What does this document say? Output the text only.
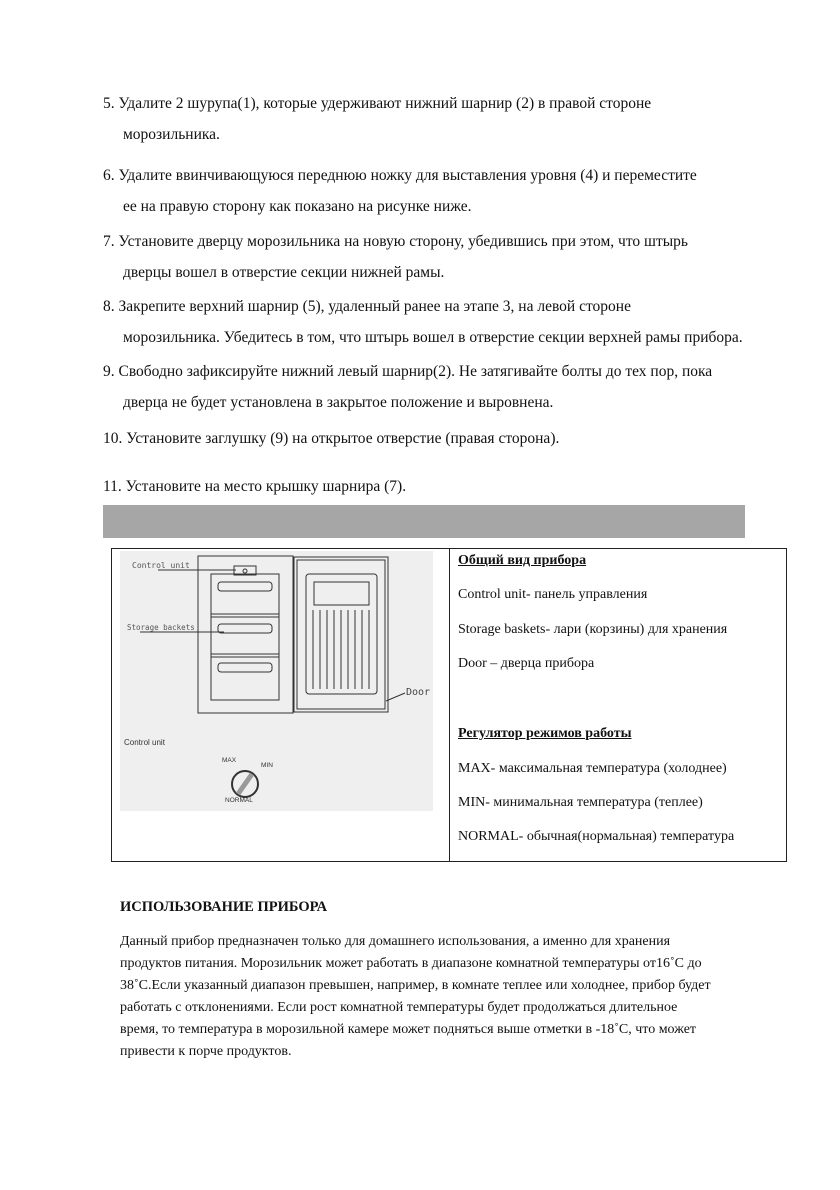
5. Удалите 2 шурупа(1), которые удерживают нижний шарнир (2) в правой стороне
морозильника.
6. Удалите ввинчивающуюся переднюю ножку для выставления уровня (4) и переместите
ее на правую сторону как показано на рисунке ниже.
7. Установите дверцу морозильника на новую сторону, убедившись при этом, что штырь
дверцы вошел в отверстие секции нижней рамы.
8. Закрепите верхний шарнир (5), удаленный ранее на этапе 3, на левой стороне
морозильника. Убедитесь в том, что штырь вошел в отверстие секции верхней рамы прибора.
9. Свободно зафиксируйте нижний левый шарнир(2). Не затягивайте болты до тех пор, пока
дверца не будет установлена в закрытое положение и выровнена.
10. Установите заглушку (9) на открытое отверстие (правая сторона).
11. Установите на место крышку шарнира (7).
Control unit
Storage backets
Door
Control unit
MAX
MIN
NORMAL
Общий вид прибора
Control unit- панель управления
Storage baskets- лари (корзины) для хранения
Door – дверца прибора
Регулятор режимов работы
MAX- максимальная температура (холоднее)
MIN- минимальная температура (теплее)
NORMAL- обычная(нормальная) температура
ИСПОЛЬЗОВАНИЕ ПРИБОРА
Данный прибор предназначен только для домашнего использования, а именно для хранения
продуктов питания. Морозильник может работать в диапазоне комнатной температуры от16˚С до
38˚С.Если указанный диапазон превышен, например, в комнате теплее или холоднее, прибор будет
работать с отклонениями. Если рост комнатной температуры будет продолжаться длительное
время, то температура в морозильной камере может подняться выше отметки в -18˚С, что может
привести к порче продуктов.
